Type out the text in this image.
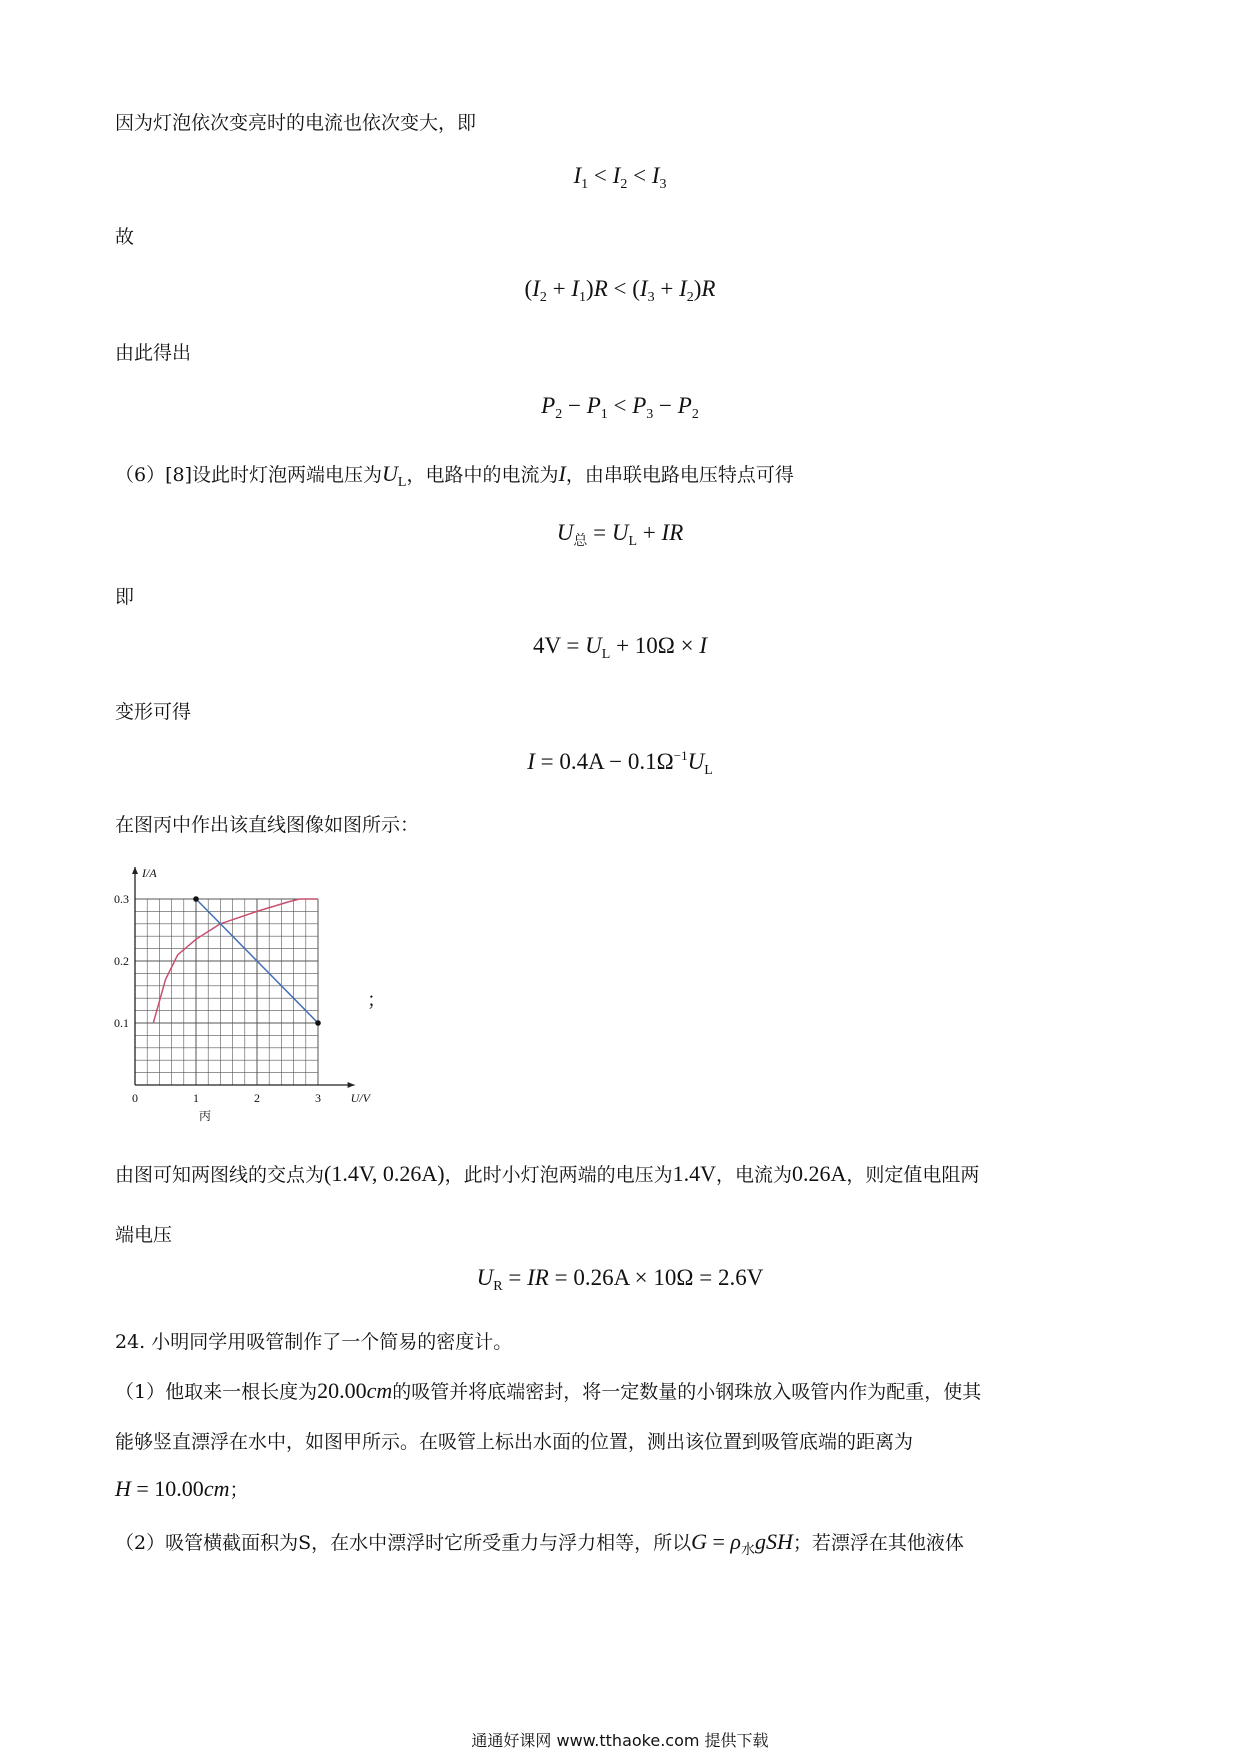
因为灯泡依次变亮时的电流也依次变大，即
$I_1 < I_2 < I_3$
故
$(I_2 + I_1)R < (I_3 + I_2)R$
由此得出
$P_2 - P_1 < P_3 - P_2$
（6）[8]设此时灯泡两端电压为$U_L$，电路中的电流为I，由串联电路电压特点可得
$U_总 = U_L$ + IR
即
$4V = U_L + 10\Omega \times I$
变形可得
$I = 0.4A - 0.1\Omega^{-1}U_L$
在图丙中作出该直线图像如图所示：
0	1	2	3
0.1
0.2
0.3
U/V
I/A
丙
；
由图可知两图线的交点为(1.4V, 0.26A)，此时小灯泡两端的电压为1.4V，电流为0.26A，则定值电阻两
端电压
$U_R$ = IR = 0.26A × 10Ω = 2.6V
24. 小明同学用吸管制作了一个简易的密度计。
（1）他取来一根长度为20.00cm的吸管并将底端密封，将一定数量的小钢珠放入吸管内作为配重，使其
能够竖直漂浮在水中，如图甲所示。在吸管上标出水面的位置，测出该位置到吸管底端的距离为
H = 10.00cm；
（2）吸管横截面积为S，在水中漂浮时它所受重力与浮力相等，所以$G = \rho_水gSH$；若漂浮在其他液体
通通好课网 www.tthaoke.com 提供下载
